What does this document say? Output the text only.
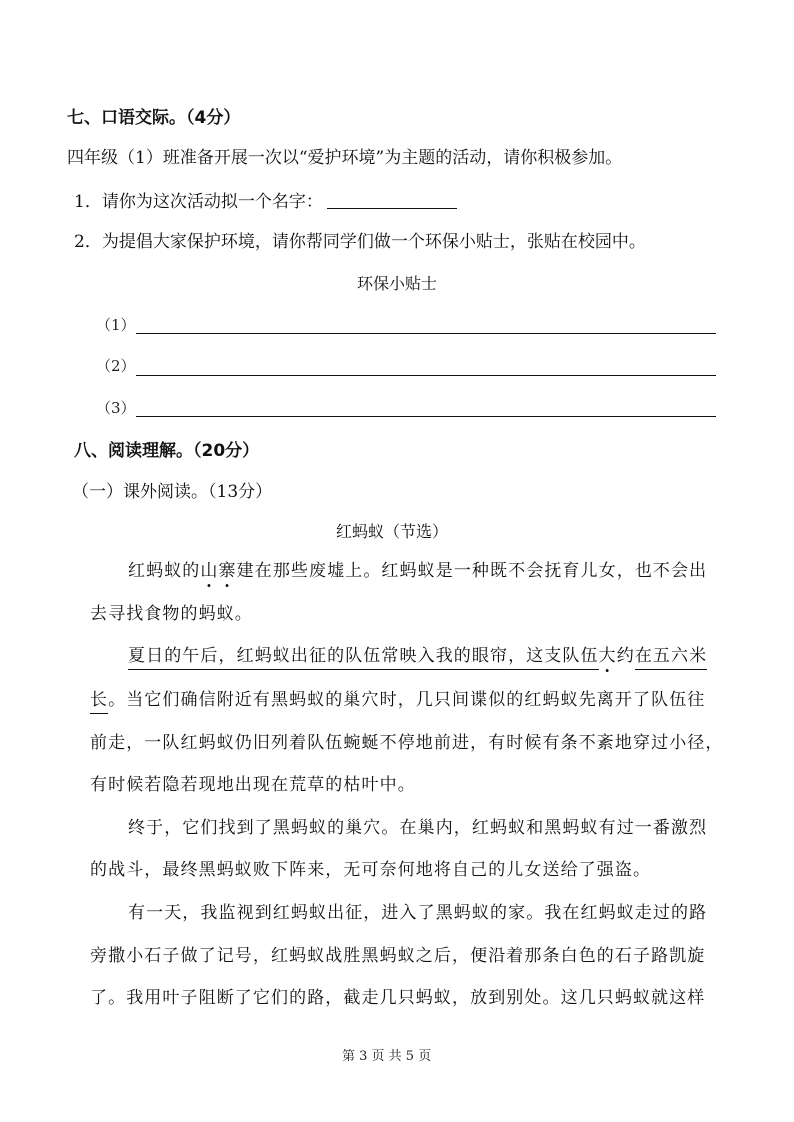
七、口语交际。（4分）
四年级（1）班准备开展一次以“爱护环境”为主题的活动，请你积极参加。
1．请你为这次活动拟一个名字：
2．为提倡大家保护环境，请你帮同学们做一个环保小贴士，张贴在校园中。
环保小贴士
（1）
（2）
（3）
八、阅读理解。（20分）
（一）课外阅读。（13分）
红蚂蚁（节选）
红蚂蚁的山寨建在那些废墟上。红蚂蚁是一种既不会抚育儿女，也不会出
去寻找食物的蚂蚁。
夏日的午后，红蚂蚁出征的队伍常映入我的眼帘，这支队伍大约在五六米
长。当它们确信附近有黑蚂蚁的巢穴时，几只间谍似的红蚂蚁先离开了队伍往
前走，一队红蚂蚁仍旧列着队伍蜿蜒不停地前进，有时候有条不紊地穿过小径，
有时候若隐若现地出现在荒草的枯叶中。
终于，它们找到了黑蚂蚁的巢穴。在巢内，红蚂蚁和黑蚂蚁有过一番激烈
的战斗，最终黑蚂蚁败下阵来，无可奈何地将自己的儿女送给了强盗。
有一天，我监视到红蚂蚁出征，进入了黑蚂蚁的家。我在红蚂蚁走过的路
旁撒小石子做了记号，红蚂蚁战胜黑蚂蚁之后，便沿着那条白色的石子路凯旋
了。我用叶子阻断了它们的路，截走几只蚂蚁，放到别处。这几只蚂蚁就这样
第 3 页 共 5 页
